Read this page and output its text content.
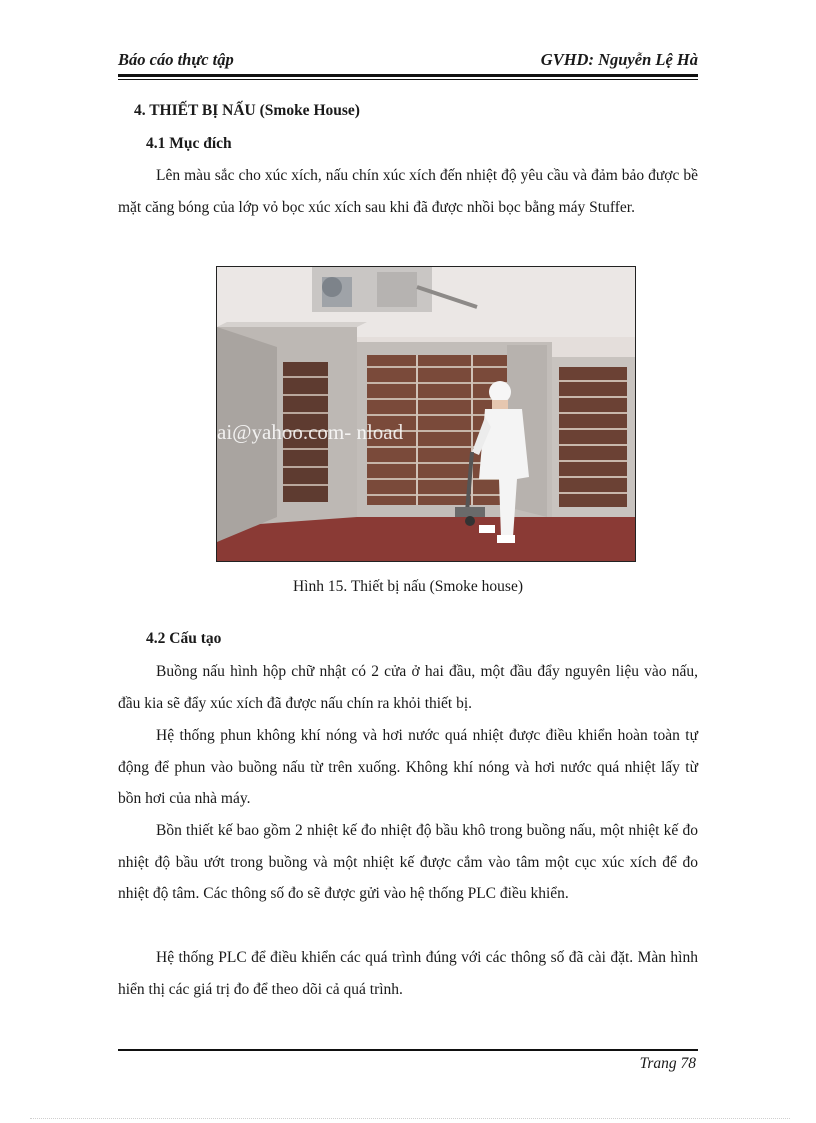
Báo cáo thực tập	GVHD: Nguyễn Lệ Hà
4. THIẾT BỊ NẤU (Smoke House)
4.1 Mục đích

Lên màu sắc cho xúc xích, nấu chín xúc xích đến nhiệt độ yêu cầu và đảm bảo được bề mặt căng bóng của lớp vỏ bọc xúc xích sau khi đã được nhồi bọc bằng máy Stuffer.

ai@yahoo.com- nload
Hình 15. Thiết bị nấu (Smoke house)
4.2 Cấu tạo

Buồng nấu hình hộp chữ nhật có 2 cửa ở hai đầu, một đầu đẩy nguyên liệu vào nấu, đầu kia sẽ đẩy xúc xích đã được nấu chín ra khỏi thiết bị.

Hệ thống phun không khí nóng và hơi nước quá nhiệt được điều khiển hoàn toàn tự động để phun vào buồng nấu từ trên xuống. Không khí nóng và hơi nước quá nhiệt lấy từ bồn hơi của nhà máy.

Bồn thiết kế bao gồm 2 nhiệt kế đo nhiệt độ bầu khô trong buồng nấu, một nhiệt kế đo nhiệt độ bầu ướt trong buồng và một nhiệt kế được cắm vào tâm một cục xúc xích để đo nhiệt độ tâm. Các thông số đo sẽ được gửi vào hệ thống PLC điều khiển.

Hệ thống PLC để điều khiển các quá trình đúng với các thông số đã cài đặt. Màn hình hiển thị các giá trị đo để theo dõi cả quá trình.

Trang 78
